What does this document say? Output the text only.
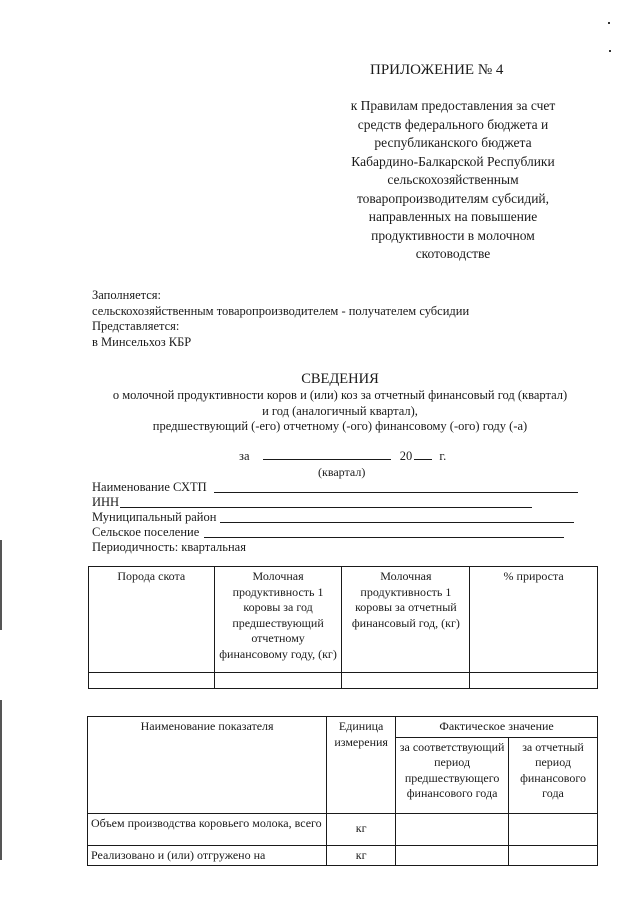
ПРИЛОЖЕНИЕ № 4
к Правилам предоставления за счет
средств федерального бюджета и
республиканского бюджета
Кабардино-Балкарской Республики
сельскохозяйственным
товаропроизводителям субсидий,
направленных на повышение
продуктивности в молочном
скотоводстве
Заполняется:
сельскохозяйственным товаропроизводителем - получателем субсидии
Представляется:
в Минсельхоз КБР
СВЕДЕНИЯ
о молочной продуктивности коров и (или) коз за отчетный финансовый год (квартал)
и год (аналогичный квартал),
предшествующий (-его) отчетному (-ого) финансовому (-ого) году (-а)
за	20 г.
(квартал)
Наименование СХТП
ИНН
Муниципальный район
Сельское поселение
Периодичность: квартальная
Порода скота	Молочная продуктивность 1 коровы за год предшествующий отчетному финансовому году, (кг)	Молочная продуктивность 1 коровы за отчетный финансовый год, (кг)	% прироста

Наименование показателя	Единица измерения	Фактическое значение	
		за соответствующий период предшествующего финансового года	за отчетный период финансового года
Объем производства коровьего молока, всего	кг		
Реализовано и (или) отгружено на	кг		
